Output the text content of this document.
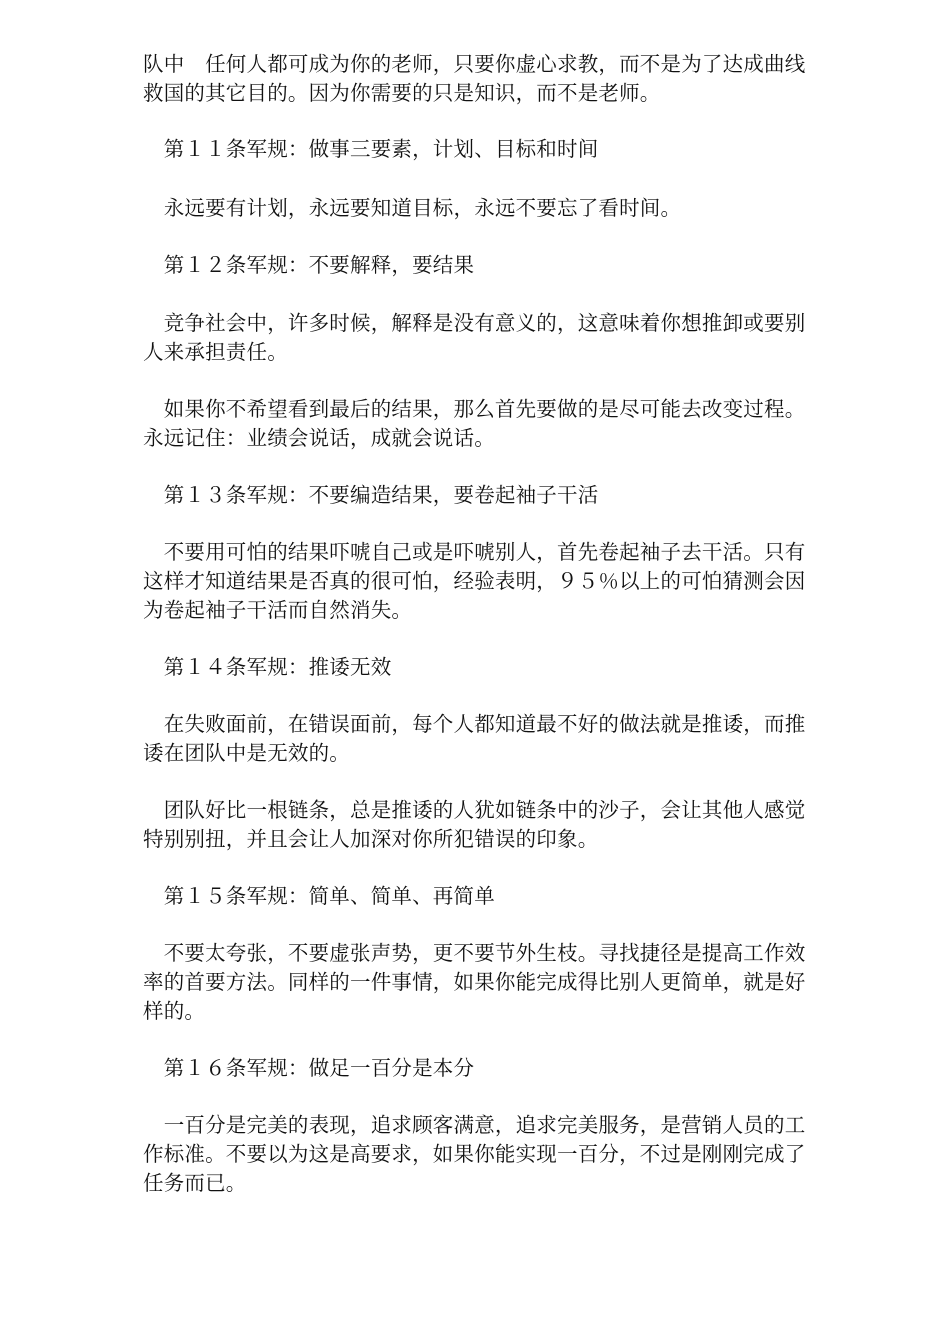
队中　任何人都可成为你的老师，只要你虚心求教，而不是为了达成曲线
救国的其它目的。因为你需要的只是知识，而不是老师。

　第１１条军规：做事三要素，计划、目标和时间

　永远要有计划，永远要知道目标，永远不要忘了看时间。

　第１２条军规：不要解释，要结果

　竞争社会中，许多时候，解释是没有意义的，这意味着你想推卸或要别
人来承担责任。

　如果你不希望看到最后的结果，那么首先要做的是尽可能去改变过程。
永远记住：业绩会说话，成就会说话。

　第１３条军规：不要编造结果，要卷起袖子干活

　不要用可怕的结果吓唬自己或是吓唬别人，首先卷起袖子去干活。只有
这样才知道结果是否真的很可怕，经验表明，９５％以上的可怕猜测会因
为卷起袖子干活而自然消失。

　第１４条军规：推诿无效

　在失败面前，在错误面前，每个人都知道最不好的做法就是推诿，而推
诿在团队中是无效的。

　团队好比一根链条，总是推诿的人犹如链条中的沙子，会让其他人感觉
特别别扭，并且会让人加深对你所犯错误的印象。

　第１５条军规：简单、简单、再简单

　不要太夸张，不要虚张声势，更不要节外生枝。寻找捷径是提高工作效
率的首要方法。同样的一件事情，如果你能完成得比别人更简单，就是好
样的。

　第１６条军规：做足一百分是本分

　一百分是完美的表现，追求顾客满意，追求完美服务，是营销人员的工
作标准。不要以为这是高要求，如果你能实现一百分，不过是刚刚完成了
任务而已。
